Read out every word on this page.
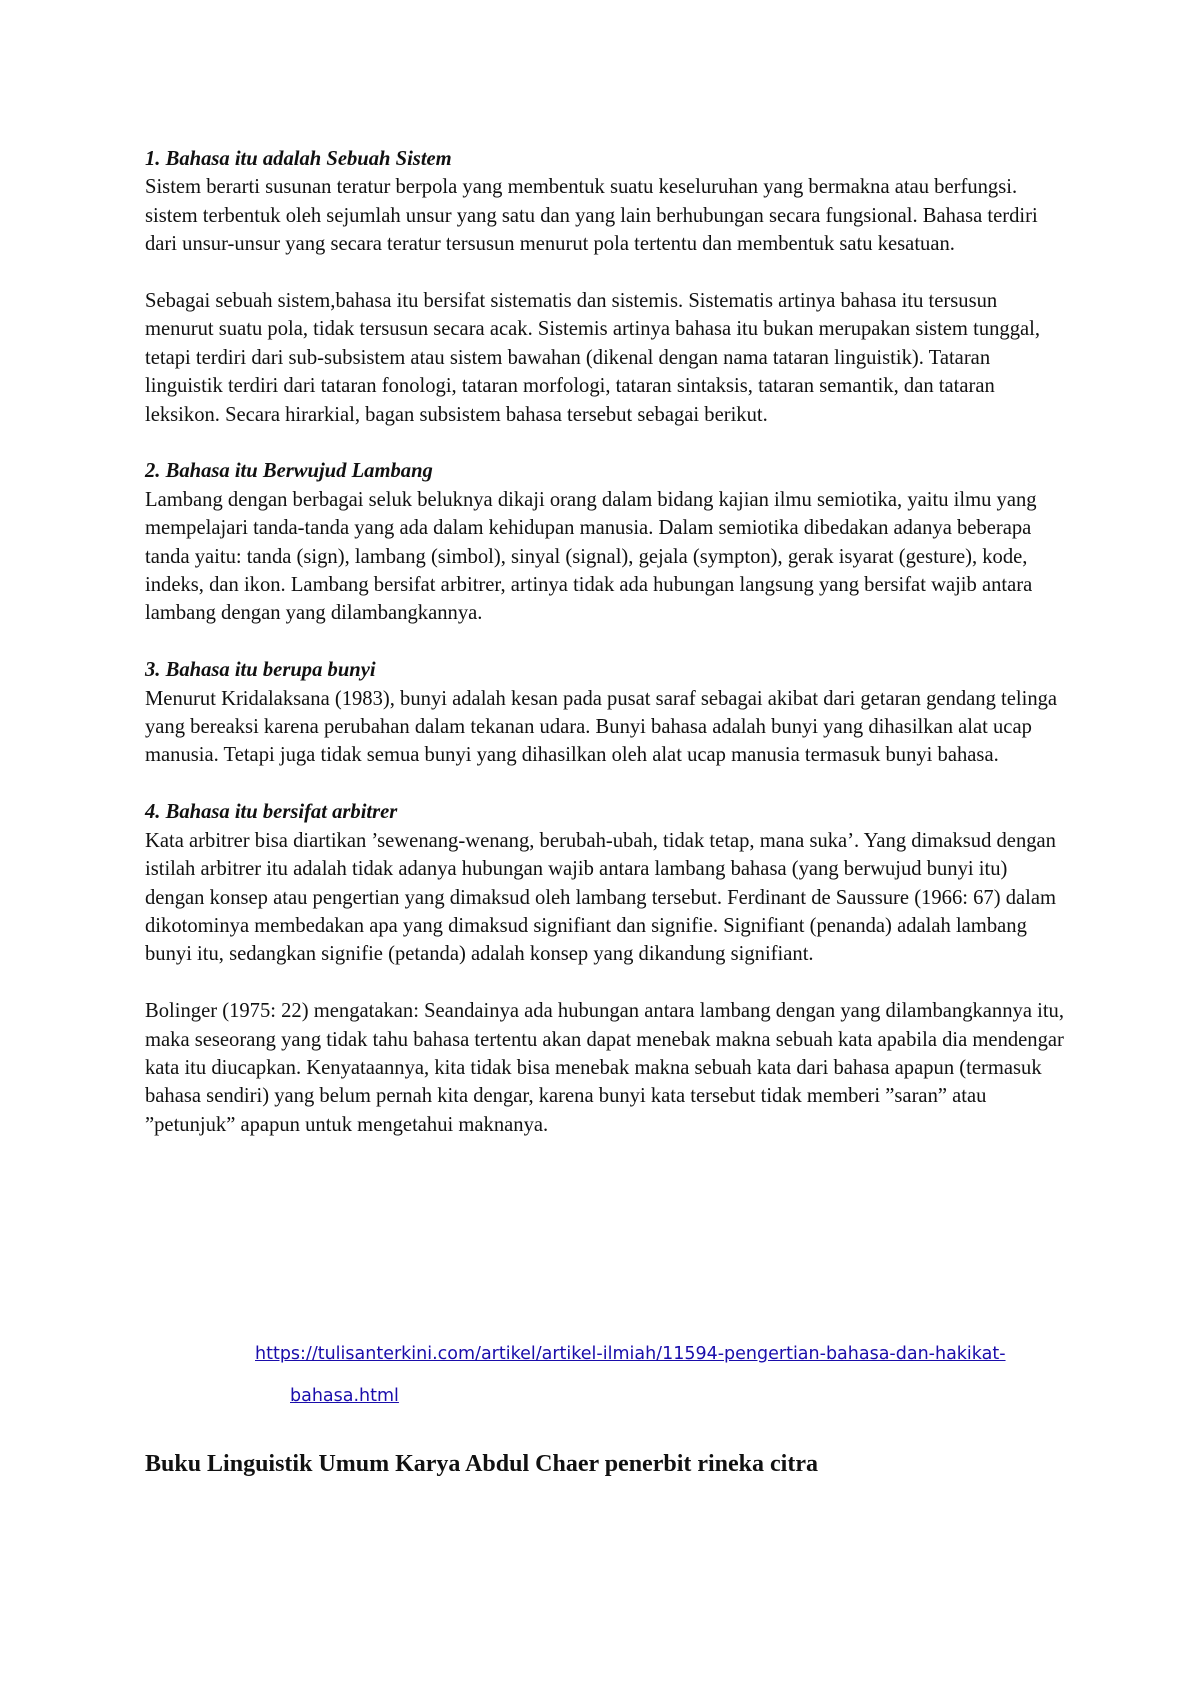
1. Bahasa itu adalah Sebuah Sistem

Sistem berarti susunan teratur berpola yang membentuk suatu keseluruhan yang bermakna atau berfungsi. sistem terbentuk oleh sejumlah unsur yang satu dan yang lain berhubungan secara fungsional. Bahasa terdiri dari unsur-unsur yang secara teratur tersusun menurut pola tertentu dan membentuk satu kesatuan.

Sebagai sebuah sistem,bahasa itu bersifat sistematis dan sistemis. Sistematis artinya bahasa itu tersusun menurut suatu pola, tidak tersusun secara acak. Sistemis artinya bahasa itu bukan merupakan sistem tunggal, tetapi terdiri dari sub-subsistem atau sistem bawahan (dikenal dengan nama tataran linguistik). Tataran linguistik terdiri dari tataran fonologi, tataran morfologi, tataran sintaksis, tataran semantik, dan tataran leksikon. Secara hirarkial, bagan subsistem bahasa tersebut sebagai berikut.

2. Bahasa itu Berwujud Lambang

Lambang dengan berbagai seluk beluknya dikaji orang dalam bidang kajian ilmu semiotika, yaitu ilmu yang mempelajari tanda-tanda yang ada dalam kehidupan manusia. Dalam semiotika dibedakan adanya beberapa tanda yaitu: tanda (sign), lambang (simbol), sinyal (signal), gejala (sympton), gerak isyarat (gesture), kode, indeks, dan ikon. Lambang bersifat arbitrer, artinya tidak ada hubungan langsung yang bersifat wajib antara lambang dengan yang dilambangkannya.

3. Bahasa itu berupa bunyi

Menurut Kridalaksana (1983), bunyi adalah kesan pada pusat saraf sebagai akibat dari getaran gendang telinga yang bereaksi karena perubahan dalam tekanan udara. Bunyi bahasa adalah bunyi yang dihasilkan alat ucap manusia. Tetapi juga tidak semua bunyi yang dihasilkan oleh alat ucap manusia termasuk bunyi bahasa.

4. Bahasa itu bersifat arbitrer

Kata arbitrer bisa diartikan ’sewenang-wenang, berubah-ubah, tidak tetap, mana suka’. Yang dimaksud dengan istilah arbitrer itu adalah tidak adanya hubungan wajib antara lambang bahasa (yang berwujud bunyi itu) dengan konsep atau pengertian yang dimaksud oleh lambang tersebut. Ferdinant de Saussure (1966: 67) dalam dikotominya membedakan apa yang dimaksud signifiant dan signifie. Signifiant (penanda) adalah lambang bunyi itu, sedangkan signifie (petanda) adalah konsep yang dikandung signifiant.

Bolinger (1975: 22) mengatakan: Seandainya ada hubungan antara lambang dengan yang dilambangkannya itu, maka seseorang yang tidak tahu bahasa tertentu akan dapat menebak makna sebuah kata apabila dia mendengar kata itu diucapkan. Kenyataannya, kita tidak bisa menebak makna sebuah kata dari bahasa apapun (termasuk bahasa sendiri) yang belum pernah kita dengar, karena bunyi kata tersebut tidak memberi ”saran” atau ”petunjuk” apapun untuk mengetahui maknanya.

https://tulisanterkini.com/artikel/artikel-ilmiah/11594-pengertian-bahasa-dan-hakikat-
bahasa.html

Buku Linguistik Umum Karya Abdul Chaer penerbit rineka citra
